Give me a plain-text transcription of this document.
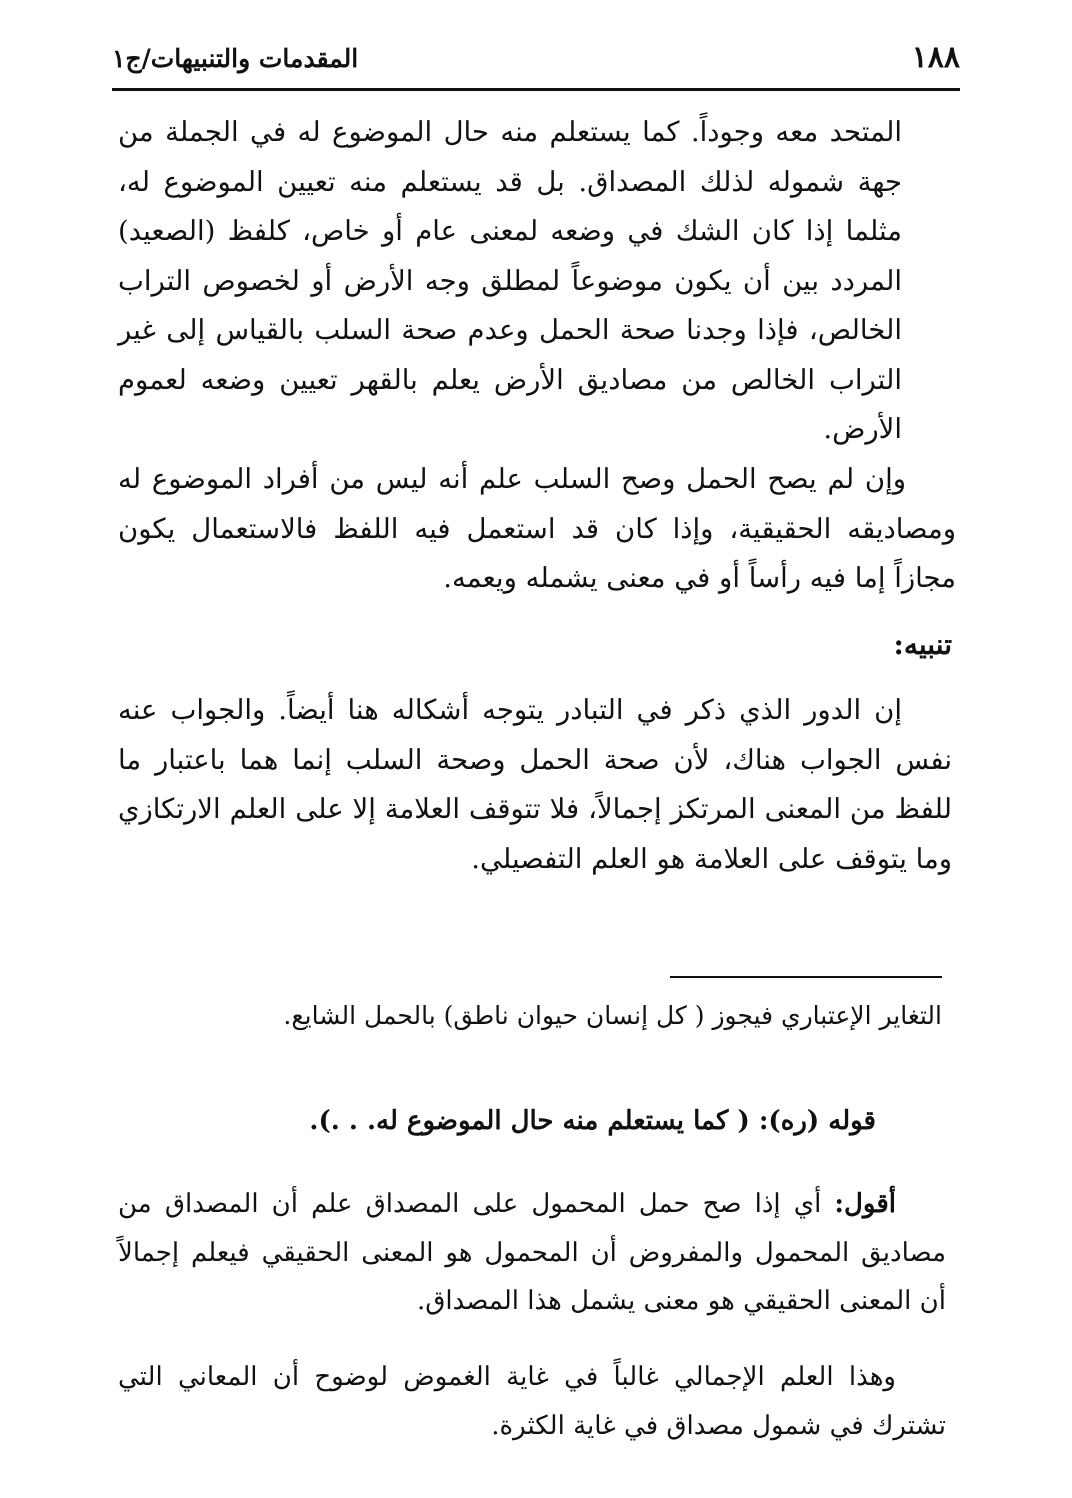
١٨٨
المقدمات والتنبيهات/ج١

المتحد معه وجوداً. كما يستعلم منه حال الموضوع له في الجملة من جهة شموله لذلك المصداق. بل قد يستعلم منه تعيين الموضوع له، مثلما إذا كان الشك في وضعه لمعنى عام أو خاص، كلفظ (الصعيد) المردد بين أن يكون موضوعاً لمطلق وجه الأرض أو لخصوص التراب الخالص، فإذا وجدنا صحة الحمل وعدم صحة السلب بالقياس إلى غير التراب الخالص من مصاديق الأرض يعلم بالقهر تعيين وضعه لعموم الأرض.

وإن لم يصح الحمل وصح السلب علم أنه ليس من أفراد الموضوع له ومصاديقه الحقيقية، وإذا كان قد استعمل فيه اللفظ فالاستعمال يكون مجازاً إما فيه رأساً أو في معنى يشمله ويعمه.

تنبيه:

إن الدور الذي ذكر في التبادر يتوجه أشكاله هنا أيضاً. والجواب عنه نفس الجواب هناك، لأن صحة الحمل وصحة السلب إنما هما باعتبار ما للفظ من المعنى المرتكز إجمالاً، فلا تتوقف العلامة إلا على العلم الارتكازي وما يتوقف على العلامة هو العلم التفصيلي.

التغاير الإعتباري فيجوز ( كل إنسان حيوان ناطق) بالحمل الشايع.

قوله (ره): ( كما يستعلم منه حال الموضوع له. . .).

أقول: أي إذا صح حمل المحمول على المصداق علم أن المصداق من مصاديق المحمول والمفروض أن المحمول هو المعنى الحقيقي فيعلم إجمالاً أن المعنى الحقيقي هو معنى يشمل هذا المصداق.

وهذا العلم الإجمالي غالباً في غاية الغموض لوضوح أن المعاني التي تشترك في شمول مصداق في غاية الكثرة.
